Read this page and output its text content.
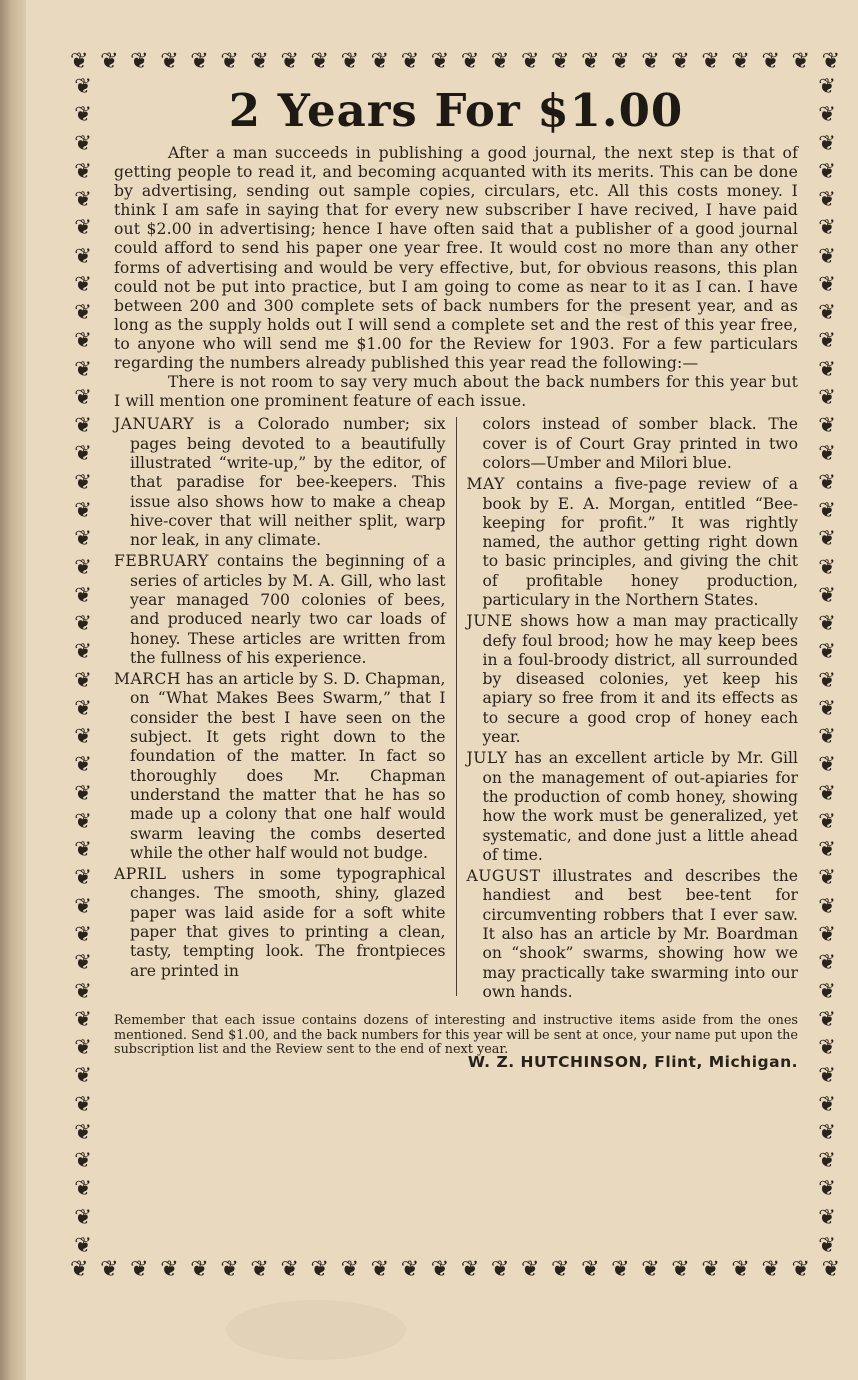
❦ ❦ ❦ ❦ ❦ ❦ ❦ ❦ ❦ ❦ ❦ ❦ ❦ ❦ ❦ ❦ ❦ ❦ ❦ ❦ ❦ ❦ ❦ ❦ ❦ ❦
❦
❦
❦
❦
❦
❦
❦
❦
❦
❦
❦
❦
❦
❦
❦
❦
❦
❦
❦
❦
❦
❦
❦
❦
❦
❦
❦
❦
❦
❦
❦
❦
❦
❦
❦
❦
❦
❦
❦
❦
❦
❦
❦
❦
❦
❦
❦
❦
❦
❦
❦
❦
❦
❦
❦
❦
❦
❦
❦
❦
❦
❦
❦
❦
❦
❦
❦
❦
❦
❦
❦
❦
❦
❦
❦
❦
❦
❦
❦
❦
❦
❦
❦
❦
❦ ❦ ❦ ❦ ❦ ❦ ❦ ❦ ❦ ❦ ❦ ❦ ❦ ❦ ❦ ❦ ❦ ❦ ❦ ❦ ❦ ❦ ❦ ❦ ❦ ❦
2 Years For $1.00

After a man succeeds in publishing a good journal, the next step is that of getting people to read it, and becoming acquanted with its merits. This can be done by advertising, sending out sample copies, circulars, etc. All this costs money. I think I am safe in saying that for every new subscriber I have recived, I have paid out $2.00 in advertising; hence I have often said that a publisher of a good journal could afford to send his paper one year free. It would cost no more than any other forms of advertising and would be very effective, but, for obvious reasons, this plan could not be put into practice, but I am going to come as near to it as I can. I have between 200 and 300 complete sets of back numbers for the present year, and as long as the supply holds out I will send a complete set and the rest of this year free, to anyone who will send me $1.00 for the Review for 1903. For a few particulars regarding the numbers already published this year read the following:—

There is not room to say very much about the back numbers for this year but I will mention one prominent feature of each issue.

JANUARY is a Colorado number; six pages being devoted to a beautifully illustrated “write-up,” by the editor, of that paradise for bee-keepers. This issue also shows how to make a cheap hive-cover that will neither split, warp nor leak, in any climate.

FEBRUARY contains the beginning of a series of articles by M. A. Gill, who last year managed 700 colonies of bees, and produced nearly two car loads of honey. These articles are written from the fullness of his experience.

MARCH has an article by S. D. Chapman, on “What Makes Bees Swarm,” that I consider the best I have seen on the subject. It gets right down to the foundation of the matter. In fact so thoroughly does Mr. Chapman understand the matter that he has so made up a colony that one half would swarm leaving the combs deserted while the other half would not budge.

APRIL ushers in some typographical changes. The smooth, shiny, glazed paper was laid aside for a soft white paper that gives to printing a clean, tasty, tempting look. The frontpieces are printed in

colors instead of somber black. The cover is of Court Gray printed in two colors—Umber and Milori blue.

MAY contains a five-page review of a book by E. A. Morgan, entitled “Bee-keeping for profit.” It was rightly named, the author getting right down to basic principles, and giving the chit of profitable honey production, particulary in the Northern States.

JUNE shows how a man may practically defy foul brood; how he may keep bees in a foul-broody district, all surrounded by diseased colonies, yet keep his apiary so free from it and its effects as to secure a good crop of honey each year.

JULY has an excellent article by Mr. Gill on the management of out-apiaries for the production of comb honey, showing how the work must be generalized, yet systematic, and done just a little ahead of time.

AUGUST illustrates and describes the handiest and best bee-tent for circumventing robbers that I ever saw. It also has an article by Mr. Boardman on “shook” swarms, showing how we may practically take swarming into our own hands.

Remember that each issue contains dozens of interesting and instructive items aside from the ones mentioned. Send $1.00, and the back numbers for this year will be sent at once, your name put upon the subscription list and the Review sent to the end of next year.
W. Z. HUTCHINSON, Flint, Michigan.
